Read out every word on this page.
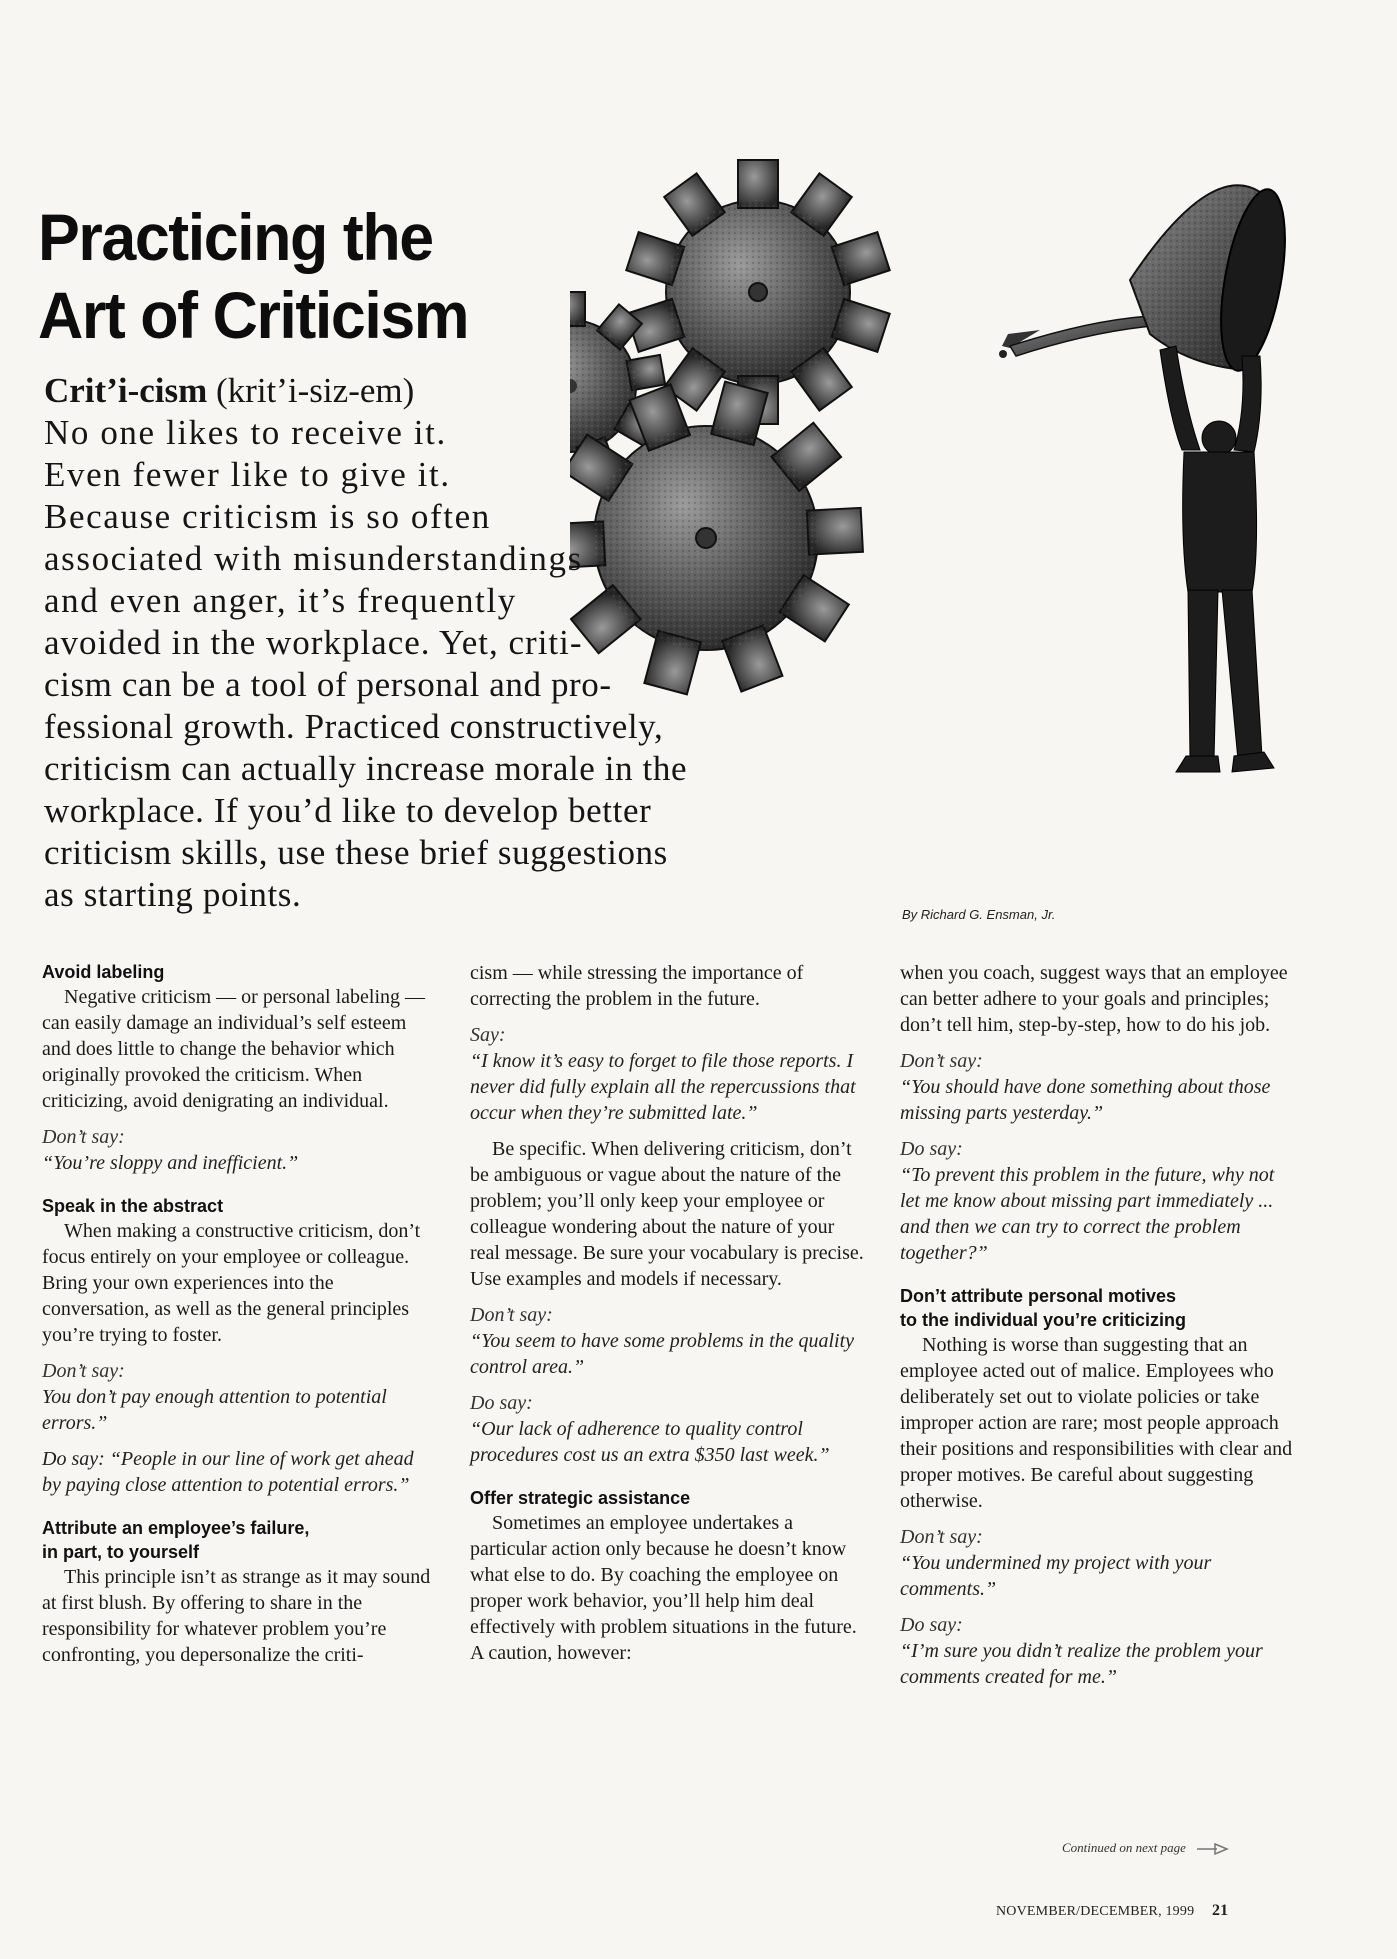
Practicing the
Art of Criticism
Crit’i-cism (krit’i-siz-em)
No one likes to receive it.
Even fewer like to give it.
Because criticism is so often
associated with misunderstandings
and even anger, it’s frequently
avoided in the workplace. Yet, criti-
cism can be a tool of personal and pro-
fessional growth. Practiced constructively,
criticism can actually increase morale in the
workplace. If you’d like to develop better
criticism skills, use these brief suggestions
as starting points.
By Richard G. Ensman, Jr.
Avoid labeling

Negative criticism — or personal labeling — can easily damage an individual’s self esteem and does little to change the behavior which originally provoked the criticism. When criticizing, avoid denigrating an individual.

Don’t say:

“You’re sloppy and inefficient.”

Speak in the abstract

When making a constructive criticism, don’t focus entirely on your employee or colleague. Bring your own experiences into the conversation, as well as the general principles you’re trying to foster.

Don’t say:

You don’t pay enough attention to potential errors.”

Do say: “People in our line of work get ahead by paying close attention to potential errors.”

Attribute an employee’s failure,
in part, to yourself

This principle isn’t as strange as it may sound at first blush. By offering to share in the responsibility for whatever problem you’re confronting, you depersonalize the criti-

cism — while stressing the importance of correcting the problem in the future.

Say:

“I know it’s easy to forget to file those reports. I never did fully explain all the repercussions that occur when they’re submitted late.”

Be specific. When delivering criticism, don’t be ambiguous or vague about the nature of the problem; you’ll only keep your employee or colleague wondering about the nature of your real message. Be sure your vocabulary is precise. Use examples and models if necessary.

Don’t say:

“You seem to have some problems in the quality control area.”

Do say:

“Our lack of adherence to quality control procedures cost us an extra $350 last week.”

Offer strategic assistance

Sometimes an employee undertakes a particular action only because he doesn’t know what else to do. By coaching the employee on proper work behavior, you’ll help him deal effectively with problem situations in the future. A caution, however:

when you coach, suggest ways that an employee can better adhere to your goals and principles; don’t tell him, step-by-step, how to do his job.

Don’t say:

“You should have done something about those missing parts yesterday.”

Do say:

“To prevent this problem in the future, why not let me know about missing part immediately ... and then we can try to correct the problem together?”

Don’t attribute personal motives
to the individual you’re criticizing

Nothing is worse than suggesting that an employee acted out of malice. Employees who deliberately set out to violate policies or take improper action are rare; most people approach their positions and responsibilities with clear and proper motives. Be careful about suggesting otherwise.

Don’t say:

“You undermined my project with your comments.”

Do say:

“I’m sure you didn’t realize the problem your comments created for me.”

Continued on next page
NOVEMBER/DECEMBER, 1999 21
